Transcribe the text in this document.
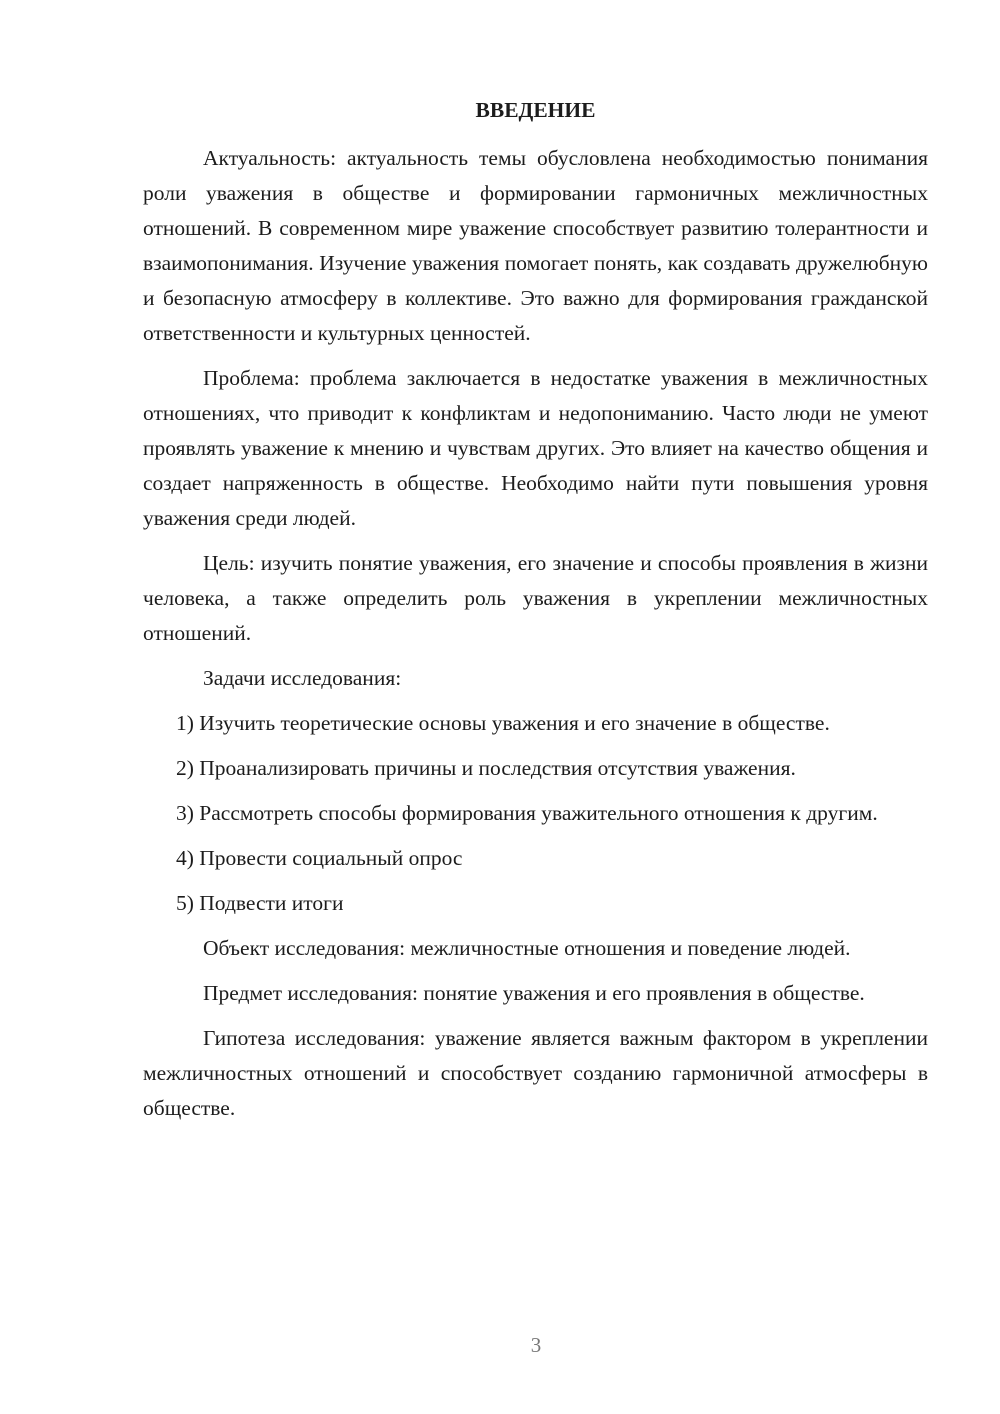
ВВЕДЕНИЕ

Актуальность: актуальность темы обусловлена необходимостью понимания роли уважения в обществе и формировании гармоничных межличностных отношений. В современном мире уважение способствует развитию толерантности и взаимопонимания. Изучение уважения помогает понять, как создавать дружелюбную и безопасную атмосферу в коллективе. Это важно для формирования гражданской ответственности и культурных ценностей.

Проблема: проблема заключается в недостатке уважения в межличностных отношениях, что приводит к конфликтам и недопониманию. Часто люди не умеют проявлять уважение к мнению и чувствам других. Это влияет на качество общения и создает напряженность в обществе. Необходимо найти пути повышения уровня уважения среди людей.

Цель: изучить понятие уважения, его значение и способы проявления в жизни человека, а также определить роль уважения в укреплении межличностных отношений.

Задачи исследования:

1) Изучить теоретические основы уважения и его значение в обществе.
2) Проанализировать причины и последствия отсутствия уважения.
3) Рассмотреть способы формирования уважительного отношения к другим.
4) Провести социальный опрос
5) Подвести итоги

Объект исследования: межличностные отношения и поведение людей.

Предмет исследования: понятие уважения и его проявления в обществе.

Гипотеза исследования: уважение является важным фактором в укреплении межличностных отношений и способствует созданию гармоничной атмосферы в обществе.

3
